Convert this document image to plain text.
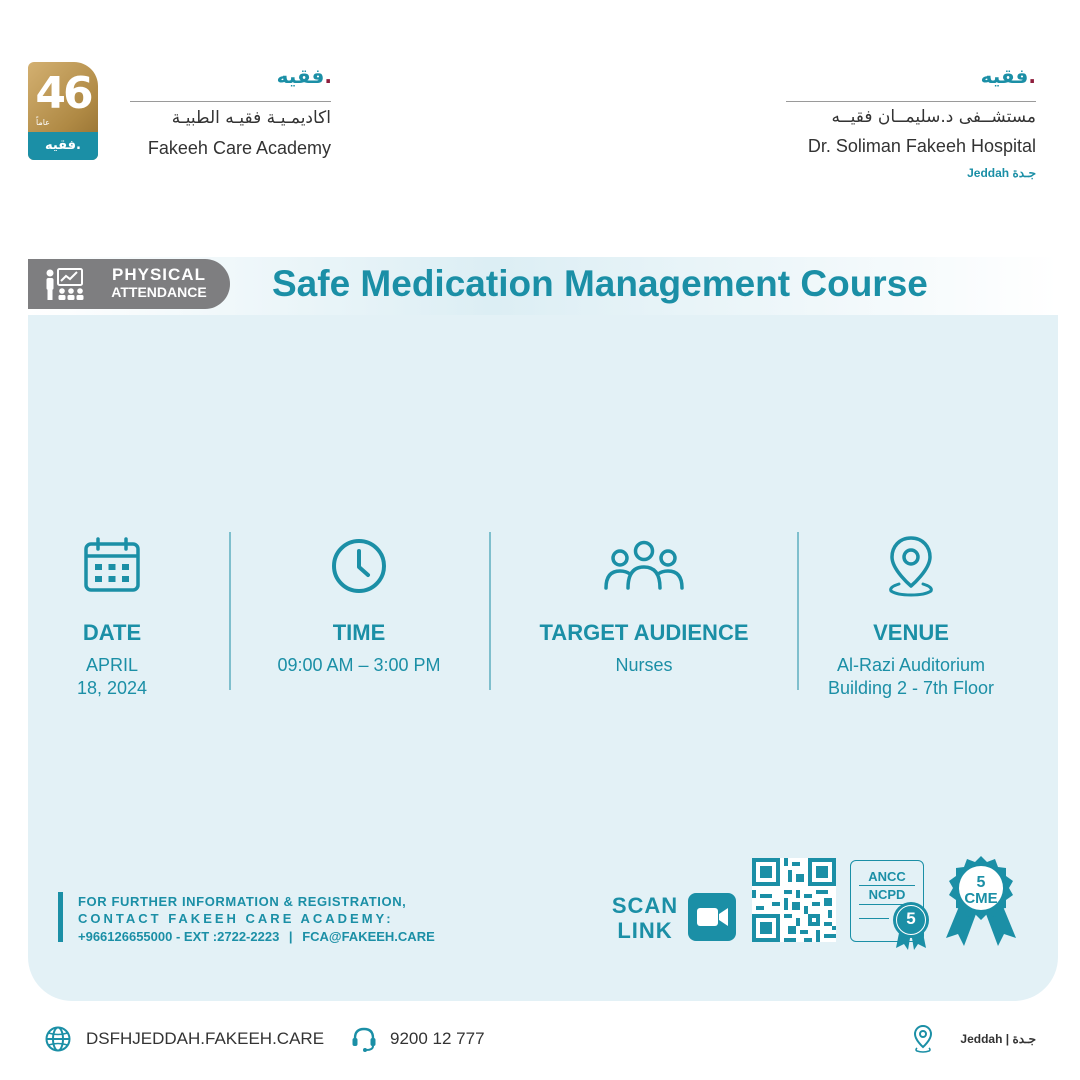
46
عاماً
فقيه.
فقيه.
اكاديمـيـة فقيـه الطبيـة
Fakeeh Care Academy
فقيه.
مستشــفى د.سليمــان فقيــه
Dr. Soliman Fakeeh Hospital
Jeddah جـدة
PHYSICAL
ATTENDANCE	Safe Medication Management Course
DATE
APRIL
18, 2024
TIME
09:00 AM – 3:00 PM
TARGET AUDIENCE
Nurses
VENUE
Al-Razi Auditorium
Building 2 - 7th Floor
FOR FURTHER INFORMATION & REGISTRATION,
CONTACT FAKEEH CARE ACADEMY:
+966126655000 - EXT :2722-2223 | FCA@FAKEEH.CARE
SCAN
LINK
ANCC
NCPD
5
5
CME
DSFHJEDDAH.FAKEEH.CARE	9200 12 777	Jeddah | جـدة
